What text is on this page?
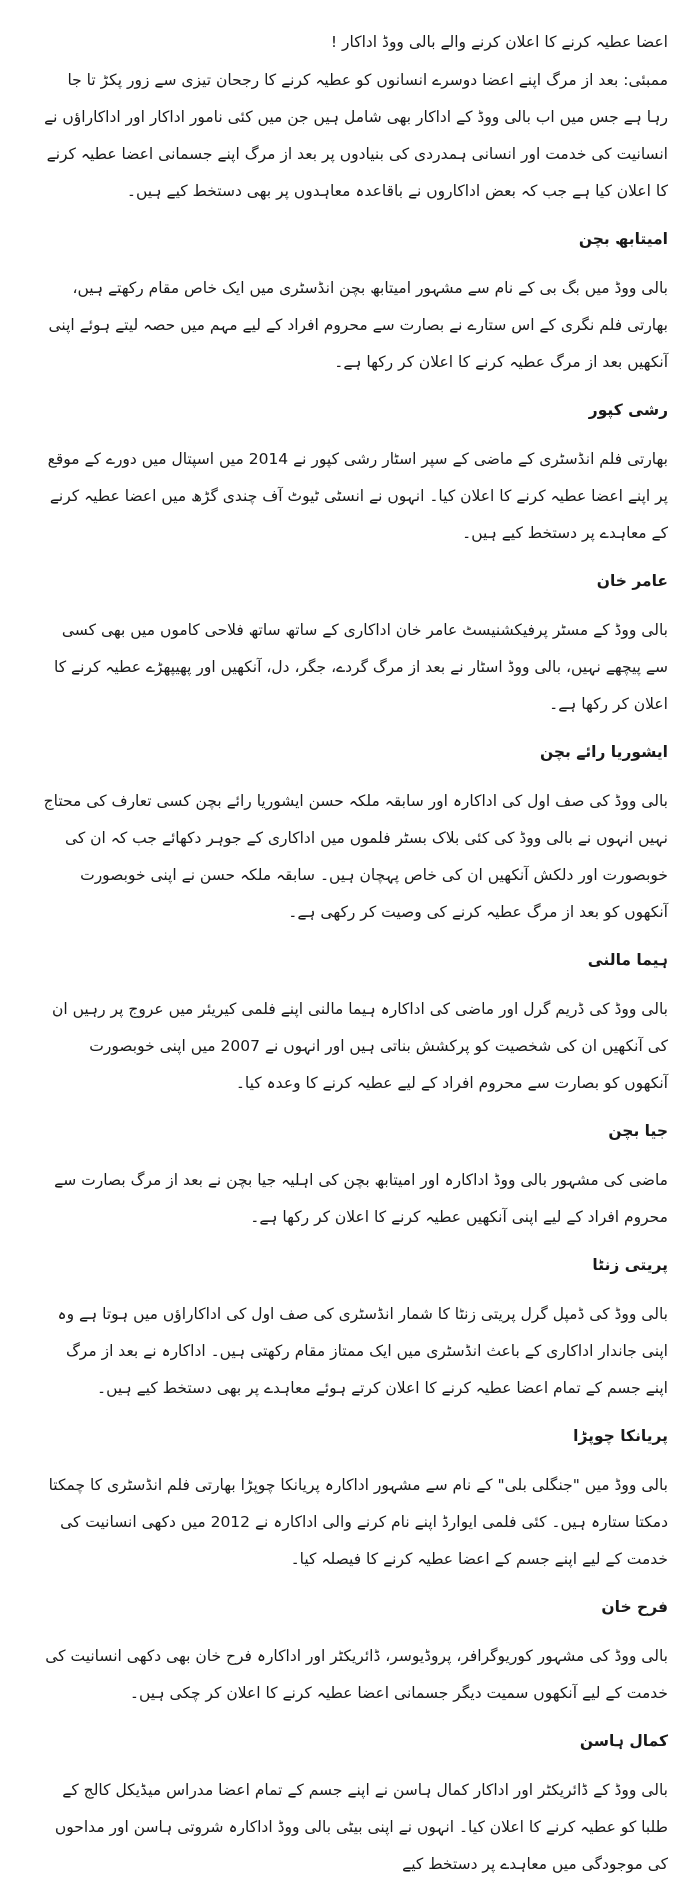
اعضا عطیہ کرنے کا اعلان کرنے والے بالی ووڈ اداکار !
ممبئی: بعد از مرگ اپنے اعضا دوسرے انسانوں کو عطیہ کرنے کا رجحان تیزی سے زور پکڑ تا جا رہا ہے جس میں اب بالی ووڈ کے اداکار بھی شامل ہیں جن میں کئی نامور اداکار اور اداکاراؤں نے انسانیت کی خدمت اور انسانی ہمدردی کی بنیادوں پر بعد از مرگ اپنے جسمانی اعضا عطیہ کرنے کا اعلان کیا ہے جب کہ بعض اداکاروں نے باقاعدہ معاہدوں پر بھی دستخط کیے ہیں۔
امیتابھ بچن
بالی ووڈ میں بگ بی کے نام سے مشہور امیتابھ بچن انڈسٹری میں ایک خاص مقام رکھتے ہیں، بھارتی فلم نگری کے اس ستارے نے بصارت سے محروم افراد کے لیے مہم میں حصہ لیتے ہوئے اپنی آنکھیں بعد از مرگ عطیہ کرنے کا اعلان کر رکھا ہے۔
رشی کپور
بھارتی فلم انڈسٹری کے ماضی کے سپر اسٹار رشی کپور نے 2014 میں اسپتال میں دورے کے موقع پر اپنے اعضا عطیہ کرنے کا اعلان کیا۔ انہوں نے انسٹی ٹیوٹ آف چندی گڑھ میں اعضا عطیہ کرنے کے معاہدے پر دستخط کیے ہیں۔
عامر خان
بالی ووڈ کے مسٹر پرفیکشنیسٹ عامر خان اداکاری کے ساتھ ساتھ فلاحی کاموں میں بھی کسی سے پیچھے نہیں، بالی ووڈ اسٹار نے بعد از مرگ گردے، جگر، دل، آنکھیں اور پھیپھڑے عطیہ کرنے کا اعلان کر رکھا ہے۔
ایشوریا رائے بچن
بالی ووڈ کی صف اول کی اداکارہ اور سابقہ ملکہ حسن ایشوریا رائے بچن کسی تعارف کی محتاج نہیں انہوں نے بالی ووڈ کی کئی بلاک بسٹر فلموں میں اداکاری کے جوہر دکھائے جب کہ ان کی خوبصورت اور دلکش آنکھیں ان کی خاص پہچان ہیں۔ سابقہ ملکہ حسن نے اپنی خوبصورت آنکھوں کو بعد از مرگ عطیہ کرنے کی وصیت کر رکھی ہے۔
ہیما مالنی
بالی ووڈ کی ڈریم گرل اور ماضی کی اداکارہ ہیما مالنی اپنے فلمی کیریئر میں عروج پر رہیں ان کی آنکھیں ان کی شخصیت کو پرکشش بناتی ہیں اور انہوں نے 2007 میں اپنی خوبصورت آنکھوں کو بصارت سے محروم افراد کے لیے عطیہ کرنے کا وعدہ کیا۔
جیا بچن
ماضی کی مشہور بالی ووڈ اداکارہ اور امیتابھ بچن کی اہلیہ جیا بچن نے بعد از مرگ بصارت سے محروم افراد کے لیے اپنی آنکھیں عطیہ کرنے کا اعلان کر رکھا ہے۔
پریتی زنٹا
بالی ووڈ کی ڈمپل گرل پریتی زنٹا کا شمار انڈسٹری کی صف اول کی اداکاراؤں میں ہوتا ہے وہ اپنی جاندار اداکاری کے باعث انڈسٹری میں ایک ممتاز مقام رکھتی ہیں۔ اداکارہ نے بعد از مرگ اپنے جسم کے تمام اعضا عطیہ کرنے کا اعلان کرتے ہوئے معاہدے پر بھی دستخط کیے ہیں۔
پریانکا چوپڑا
بالی ووڈ میں "جنگلی بلی" کے نام سے مشہور اداکارہ پریانکا چوپڑا بھارتی فلم انڈسٹری کا چمکتا دمکتا ستارہ ہیں۔ کئی فلمی ایوارڈ اپنے نام کرنے والی اداکارہ نے 2012 میں دکھی انسانیت کی خدمت کے لیے اپنے جسم کے اعضا عطیہ کرنے کا فیصلہ کیا۔
فرح خان
بالی ووڈ کی مشہور کوریوگرافر، پروڈیوسر، ڈائریکٹر اور اداکارہ فرح خان بھی دکھی انسانیت کی خدمت کے لیے آنکھوں سمیت دیگر جسمانی اعضا عطیہ کرنے کا اعلان کر چکی ہیں۔
کمال ہاسن
بالی ووڈ کے ڈائریکٹر اور اداکار کمال ہاسن نے اپنے جسم کے تمام اعضا مدراس میڈیکل کالج کے طلبا کو عطیہ کرنے کا اعلان کیا۔ انہوں نے اپنی بیٹی بالی ووڈ اداکارہ شروتی ہاسن اور مداحوں کی موجودگی میں معاہدے پر دستخط کیے
